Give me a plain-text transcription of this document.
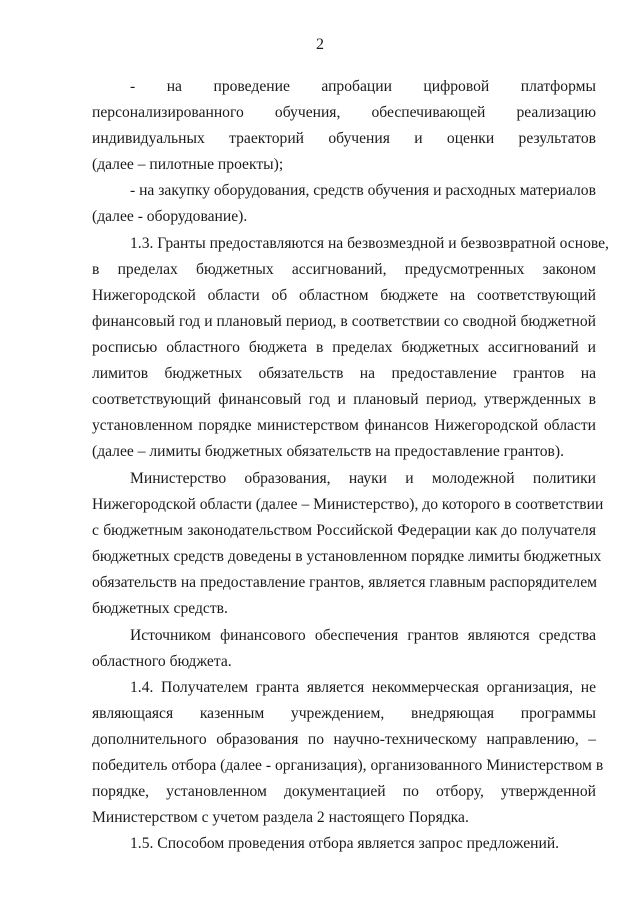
2
- на проведение апробации цифровой платформы
персонализированного обучения, обеспечивающей реализацию
индивидуальных траекторий обучения и оценки результатов
(далее – пилотные проекты);
- на закупку оборудования, средств обучения и расходных материалов
(далее - оборудование).
1.3. Гранты предоставляются на безвозмездной и безвозвратной основе,
в пределах бюджетных ассигнований, предусмотренных законом
Нижегородской области об областном бюджете на соответствующий
финансовый год и плановый период, в соответствии со сводной бюджетной
росписью областного бюджета в пределах бюджетных ассигнований и
лимитов бюджетных обязательств на предоставление грантов на
соответствующий финансовый год и плановый период, утвержденных в
установленном порядке министерством финансов Нижегородской области
(далее – лимиты бюджетных обязательств на предоставление грантов).
Министерство образования, науки и молодежной политики
Нижегородской области (далее – Министерство), до которого в соответствии
с бюджетным законодательством Российской Федерации как до получателя
бюджетных средств доведены в установленном порядке лимиты бюджетных
обязательств на предоставление грантов, является главным распорядителем
бюджетных средств.
Источником финансового обеспечения грантов являются средства
областного бюджета.
1.4. Получателем гранта является некоммерческая организация, не
являющаяся казенным учреждением, внедряющая программы
дополнительного образования по научно-техническому направлению, –
победитель отбора (далее - организация), организованного Министерством в
порядке, установленном документацией по отбору, утвержденной
Министерством с учетом раздела 2 настоящего Порядка.
1.5. Способом проведения отбора является запрос предложений.
